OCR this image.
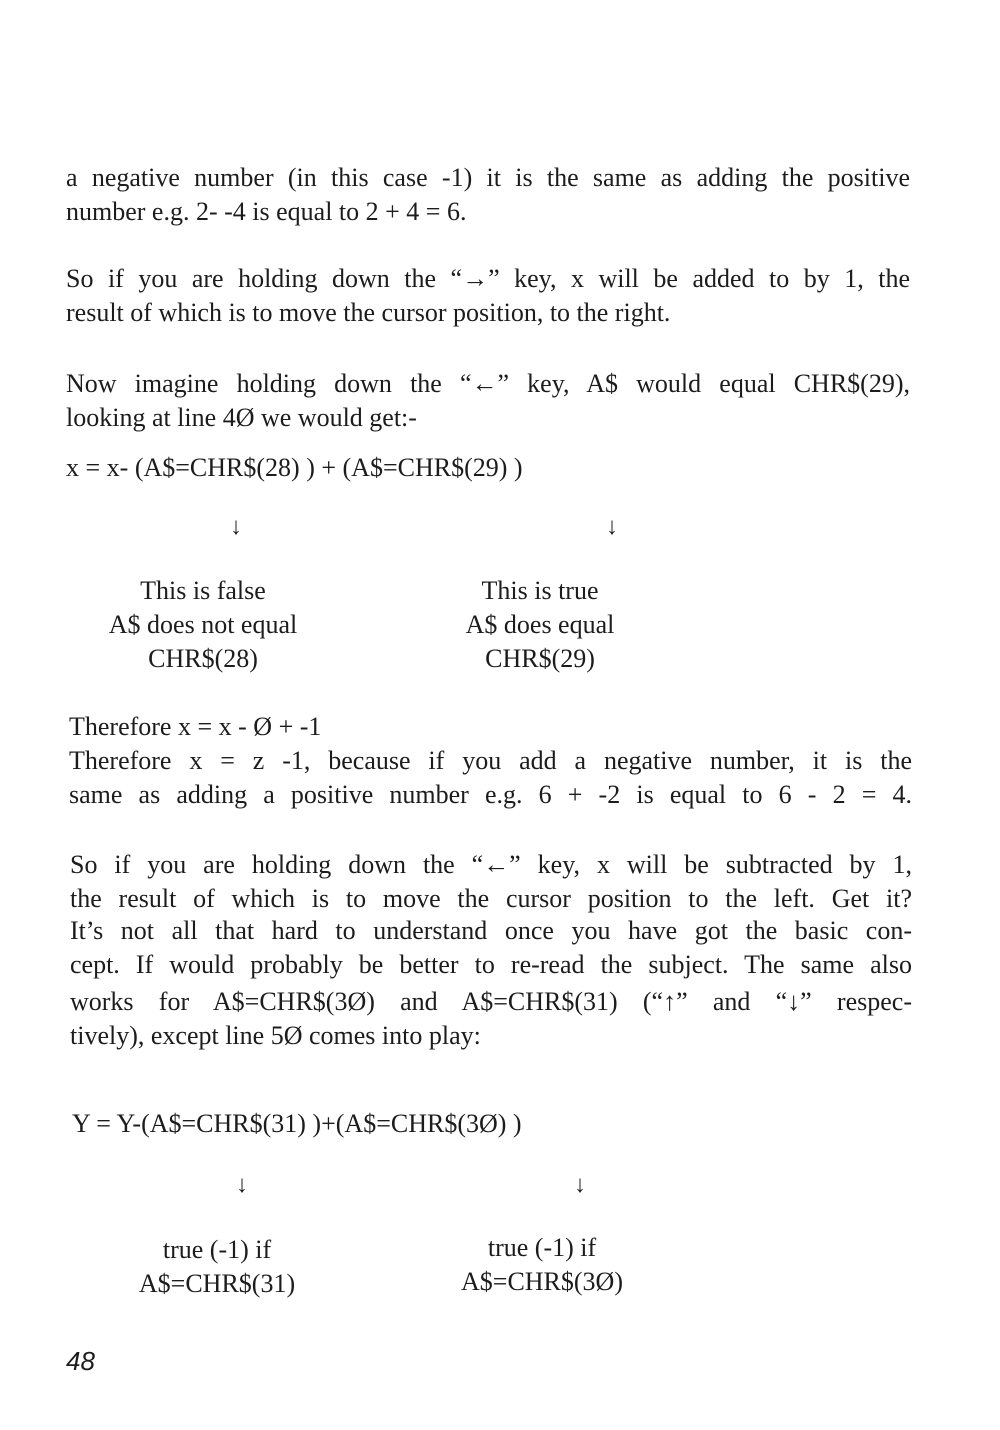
a negative number (in this case -1) it is the same as adding the positive

number e.g. 2- -4 is equal to 2 + 4 = 6.

So if you are holding down the “→” key, x will be added to by 1, the

result of which is to move the cursor position, to the right.

Now imagine holding down the “←” key, A$ would equal CHR$(29),

looking at line 4Ø we would get:-

x = x- (A$=CHR$(28) ) + (A$=CHR$(29) )

↓	↓
This is false
A$ does not equal
CHR$(28)
This is true
A$ does equal
CHR$(29)

Therefore x = x - Ø + -1

Therefore x = z -1, because if you add a negative number, it is the

same as adding a positive number e.g. 6 + -2 is equal to 6 - 2 = 4.

So if you are holding down the “←” key, x will be subtracted by 1,

the result of which is to move the cursor position to the left. Get it?

It’s not all that hard to understand once you have got the basic con-

cept. If would probably be better to re-read the subject. The same also

works for A$=CHR$(3Ø) and A$=CHR$(31) (“↑” and “↓” respec-

tively), except line 5Ø comes into play:

Y = Y-(A$=CHR$(31) )+(A$=CHR$(3Ø) )

↓	↓
true (-1) if
A$=CHR$(31)
true (-1) if
A$=CHR$(3Ø)
48
